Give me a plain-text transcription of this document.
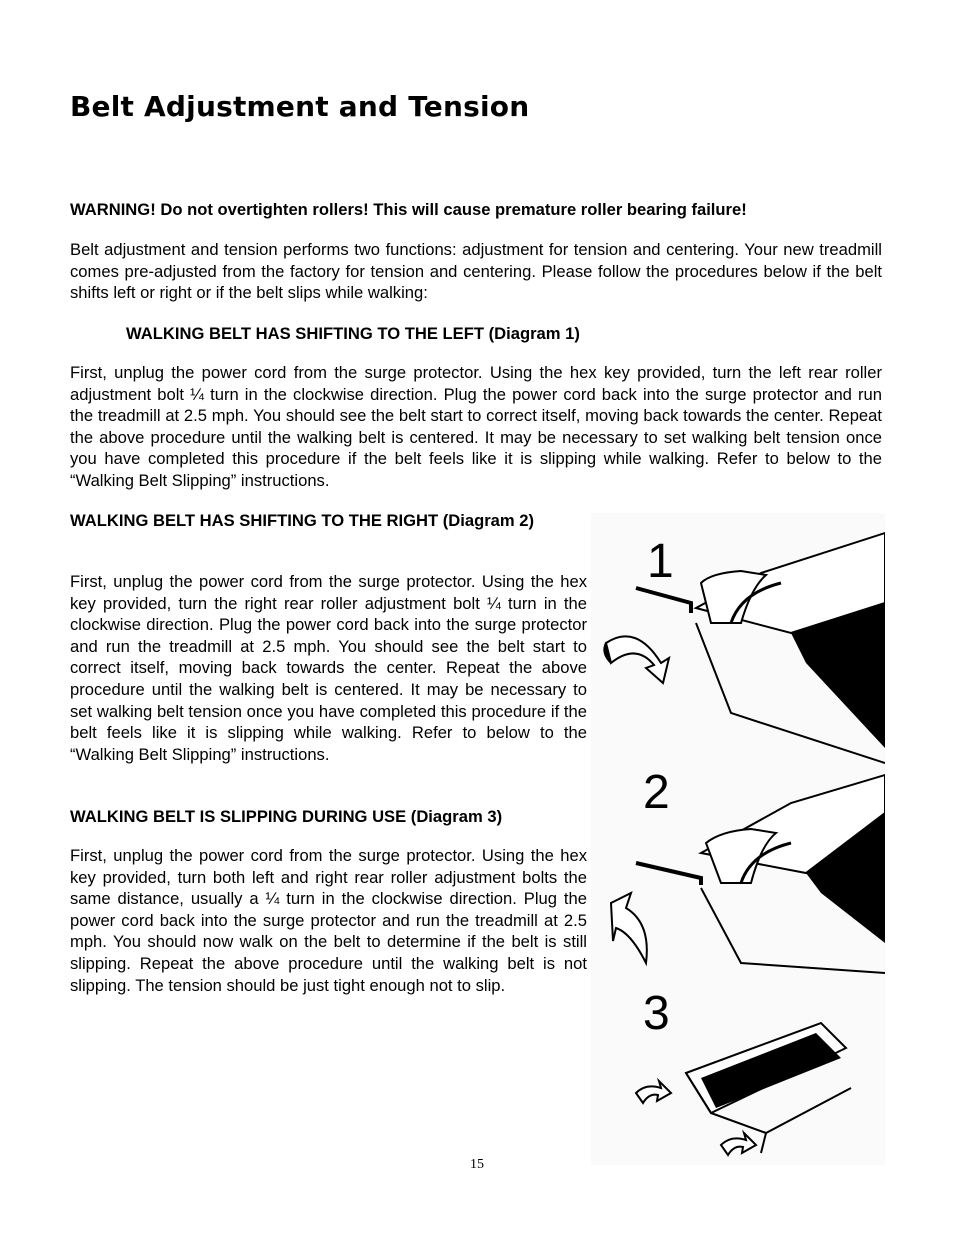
Belt Adjustment and Tension

WARNING! Do not overtighten rollers! This will cause premature roller bearing failure!

Belt adjustment and tension performs two functions: adjustment for tension and centering. Your new treadmill comes pre-adjusted from the factory for tension and centering. Please follow the procedures below if the belt shifts left or right or if the belt slips while walking:

WALKING BELT HAS SHIFTING TO THE LEFT (Diagram 1)

First, unplug the power cord from the surge protector. Using the hex key provided, turn the left rear roller adjustment bolt ¼ turn in the clockwise direction. Plug the power cord back into the surge protector and run the treadmill at 2.5 mph. You should see the belt start to correct itself, moving back towards the center. Repeat the above procedure until the walking belt is centered. It may be necessary to set walking belt tension once you have completed this procedure if the belt feels like it is slipping while walking. Refer to below to the “Walking Belt Slipping” instructions.

WALKING BELT HAS SHIFTING TO THE RIGHT (Diagram 2)

First, unplug the power cord from the surge protector. Using the hex key provided, turn the right rear roller adjustment bolt ¼ turn in the clockwise direction. Plug the power cord back into the surge protector and run the treadmill at 2.5 mph. You should see the belt start to correct itself, moving back towards the center. Repeat the above procedure until the walking belt is centered. It may be necessary to set walking belt tension once you have completed this procedure if the belt feels like it is slipping while walking. Refer to below to the “Walking Belt Slipping” instructions.

WALKING BELT IS SLIPPING DURING USE (Diagram 3)

First, unplug the power cord from the surge protector. Using the hex key provided, turn both left and right rear roller adjustment bolts the same distance, usually a ¼ turn in the clockwise direction. Plug the power cord back into the surge protector and run the treadmill at 2.5 mph. You should now walk on the belt to determine if the belt is still slipping. Repeat the above procedure until the walking belt is not slipping. The tension should be just tight enough not to slip.

1
2
3
15
